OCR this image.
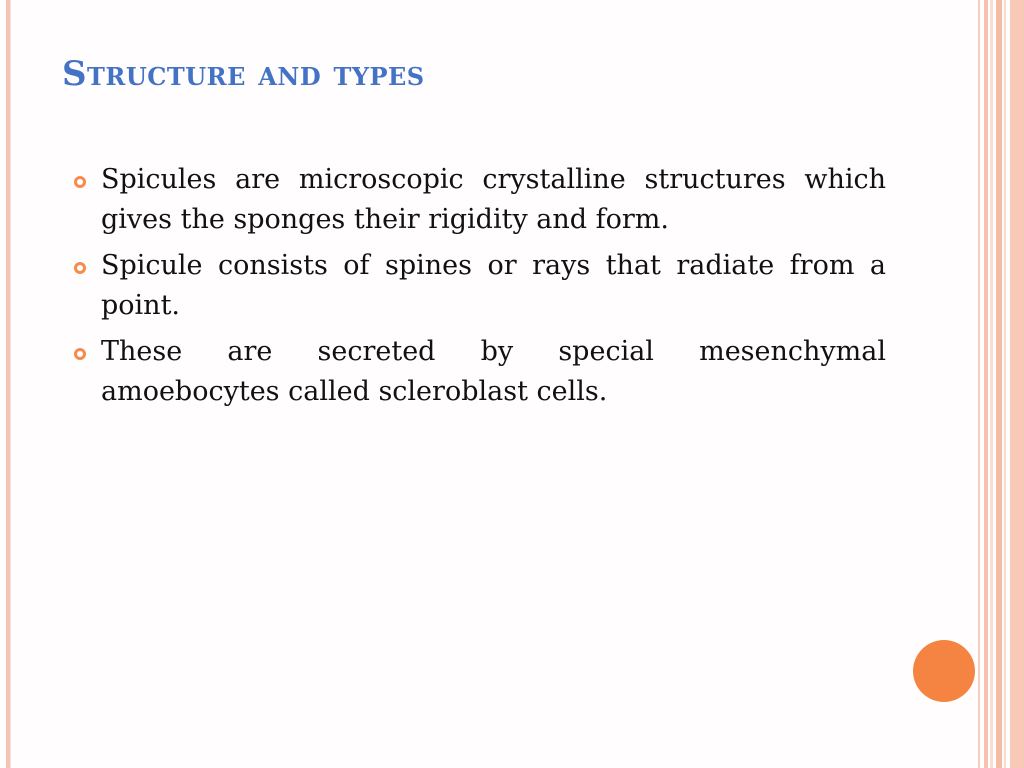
Structure and types
Spicules are microscopic crystalline structures which gives the sponges their rigidity and form.
Spicule consists of spines or rays that radiate from a point.
These are secreted by special mesenchymal amoebocytes called scleroblast cells.
